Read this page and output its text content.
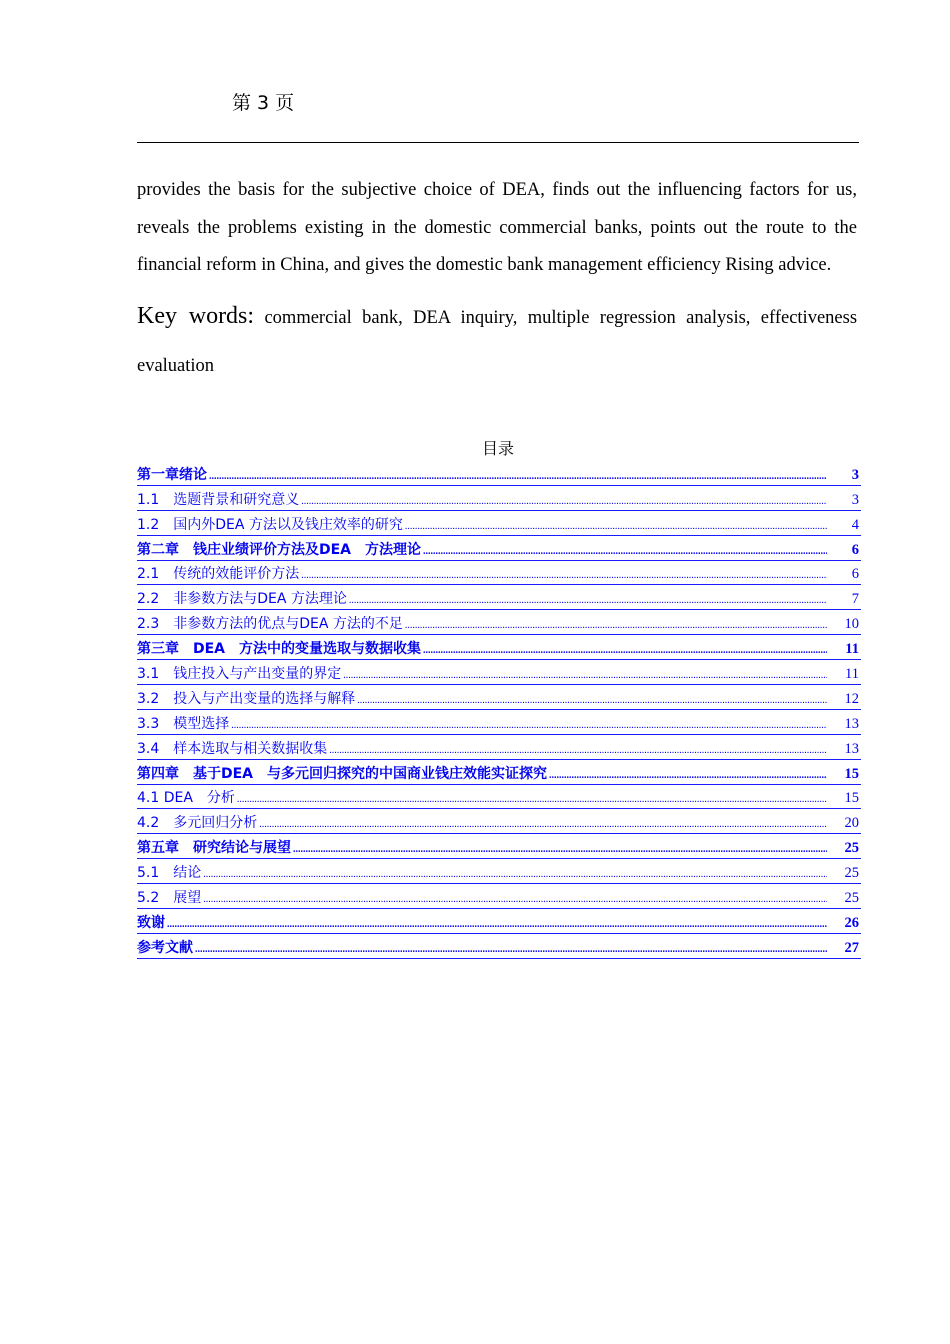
第 3 页
provides the basis for the subjective choice of DEA, finds out the influencing factors for us, reveals the problems existing in the domestic commercial banks, points out the route to the financial reform in China, and gives the domestic bank management efficiency Rising advice.
Key words: commercial bank, DEA inquiry, multiple regression analysis, effectiveness evaluation
目录
第一章绪论 .....	3
1.1　选题背景和研究意义 .....	3
1.2　国内外DEA 方法以及钱庄效率的研究 .....	4
第二章　钱庄业绩评价方法及DEA　方法理论 .....	6
2.1　传统的效能评价方法 .....	6
2.2　非参数方法与DEA 方法理论 .....	7
2.3　非参数方法的优点与DEA 方法的不足 .....	10
第三章　DEA　方法中的变量选取与数据收集 .....	11
3.1　钱庄投入与产出变量的界定 .....	11
3.2　投入与产出变量的选择与解释 .....	12
3.3　模型选择 .....	13
3.4　样本选取与相关数据收集 .....	13
第四章　基于DEA　与多元回归探究的中国商业钱庄效能实证探究 .....	15
4.1 DEA　分析 .....	15
4.2　多元回归分析 .....	20
第五章　研究结论与展望 .....	25
5.1　结论 .....	25
5.2　展望 .....	25
致谢 .....	26
参考文献 .....	27
